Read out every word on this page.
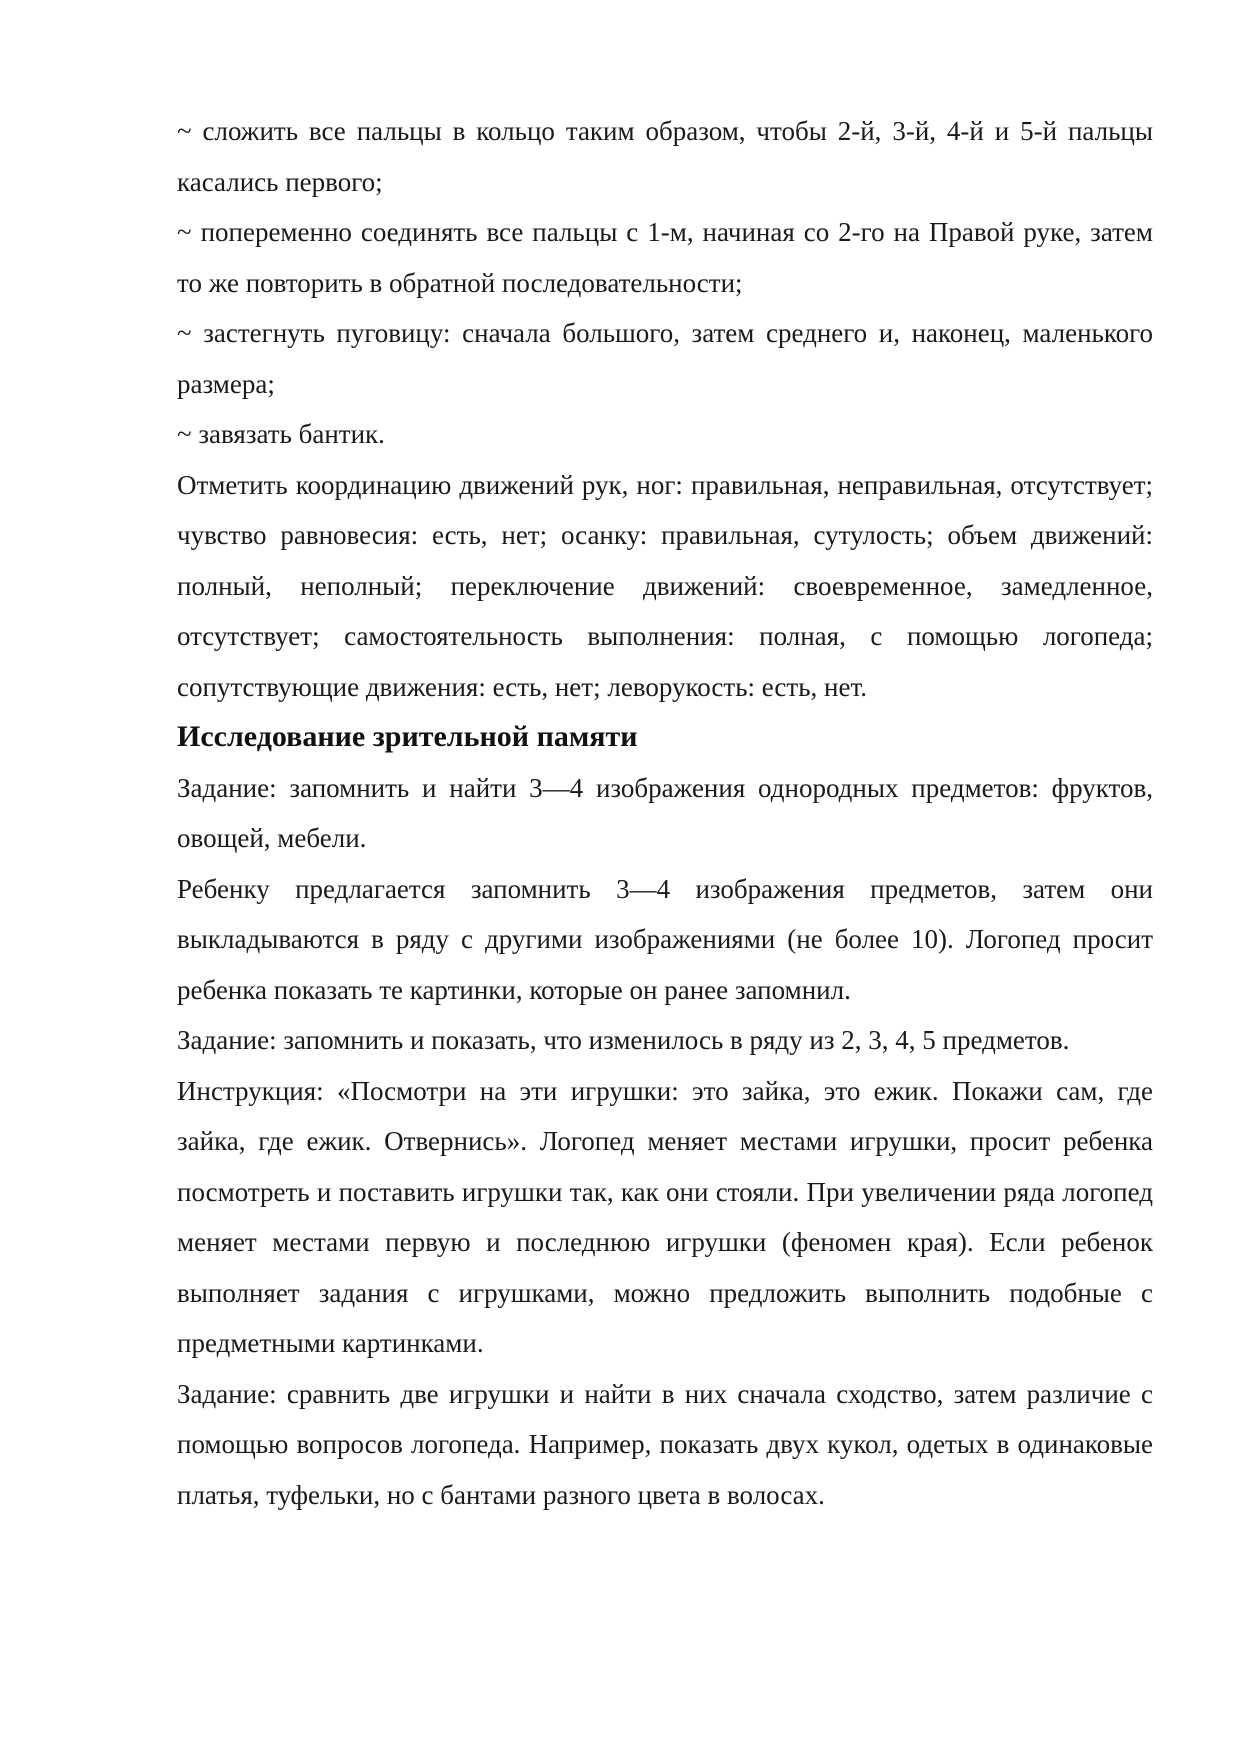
~ сложить все пальцы в кольцо таким образом, чтобы 2-й, 3-й, 4-й и 5-й пальцы касались первого;

~ попеременно соединять все пальцы с 1-м, начиная со 2-го на Правой руке, затем то же повторить в обратной последовательности;

~ застегнуть пуговицу: сначала большого, затем среднего и, наконец, маленького размера;

~ завязать бантик.

Отметить координацию движений рук, ног: правильная, неправильная, отсутствует; чувство равновесия: есть, нет; осанку: правильная, сутулость; объем движений: полный, неполный; переключение движений: своевременное, замедленное, отсутствует; самостоятельность выполнения: полная, с помощью логопеда; сопутствующие движения: есть, нет; леворукость: есть, нет.

Исследование зрительной памяти

Задание: запомнить и найти 3—4 изображения однородных предметов: фруктов, овощей, мебели.

Ребенку предлагается запомнить 3—4 изображения предметов, затем они выкладываются в ряду с другими изображениями (не более 10). Логопед просит ребенка показать те картинки, которые он ранее запомнил.

Задание: запомнить и показать, что изменилось в ряду из 2, 3, 4, 5 предметов.

Инструкция: «Посмотри на эти игрушки: это зайка, это ежик. Покажи сам, где зайка, где ежик. Отвернись». Логопед меняет местами игрушки, просит ребенка посмотреть и поставить игрушки так, как они стояли. При увеличении ряда логопед меняет местами первую и последнюю игрушки (феномен края). Если ребенок выполняет задания с игрушками, можно предложить выполнить подобные с предметными картинками.

Задание: сравнить две игрушки и найти в них сначала сходство, затем различие с помощью вопросов логопеда. Например, показать двух кукол, одетых в одинаковые платья, туфельки, но с бантами разного цвета в волосах.
